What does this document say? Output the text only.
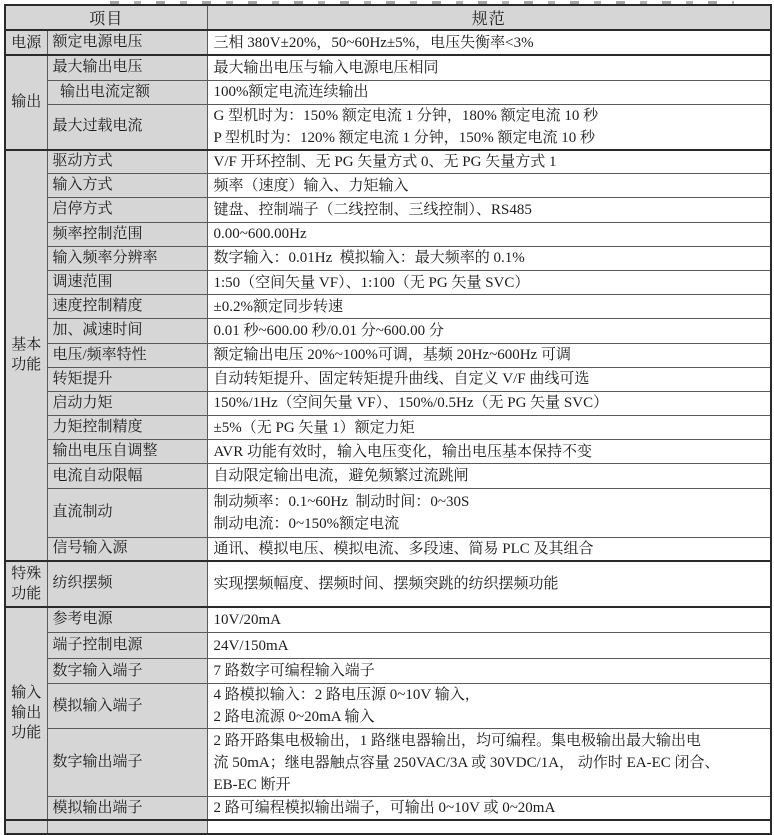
项目		规范
电源	额定电源电压	三相 380V±20%，50~60Hz±5%，电压失衡率<3%

输出	最大输出电压	最大输出电压与输入电源电压相同

	输出电流定额	100%额定电流连续输出

	最大过载电流	G 型机时为：150% 额定电流 1 分钟，180% 额定电流 10 秒
P 型机时为：120% 额定电流 1 分钟，150% 额定电流 10 秒

基本功能	驱动方式	V/F 开环控制、无 PG 矢量方式 0、无 PG 矢量方式 1

	输入方式	频率（速度）输入、力矩输入

	启停方式	键盘、控制端子（二线控制、三线控制）、RS485

	频率控制范围	0.00~600.00Hz

	输入频率分辨率	数字输入：0.01Hz  模拟输入：最大频率的 0.1%

	调速范围	1:50（空间矢量 VF）、1:100（无 PG 矢量 SVC）

	速度控制精度	±0.2%额定同步转速

	加、减速时间	0.01 秒~600.00 秒/0.01 分~600.00 分

	电压/频率特性	额定输出电压 20%~100%可调，基频 20Hz~600Hz 可调

	转矩提升	自动转矩提升、固定转矩提升曲线、自定义 V/F 曲线可选

	启动力矩	150%/1Hz（空间矢量 VF）、150%/0.5Hz（无 PG 矢量 SVC）

	力矩控制精度	±5%（无 PG 矢量 1）额定力矩

	输出电压自调整	AVR 功能有效时，输入电压变化，输出电压基本保持不变

	电流自动限幅	自动限定输出电流，避免频繁过流跳闸

	直流制动	制动频率：0.1~60Hz  制动时间：0~30S
制动电流：0~150%额定电流

	信号输入源	通讯、模拟电压、模拟电流、多段速、简易 PLC 及其组合

特殊功能	纺织摆频	实现摆频幅度、摆频时间、摆频突跳的纺织摆频功能

输入输出功能	参考电源	10V/20mA

	端子控制电源	24V/150mA

	数字输入端子	7 路数字可编程输入端子

	模拟输入端子	4 路模拟输入：2 路电压源 0~10V 输入，
2 路电流源 0~20mA 输入

	数字输出端子	2 路开路集电极输出，1 路继电器输出，均可编程。集电极输出最大输出电
流 50mA；继电器触点容量 250VAC/3A 或 30VDC/1A， 动作时 EA-EC 闭合、
EB-EC 断开

	模拟输出端子	2 路可编程模拟输出端子，可输出 0~10V 或 0~20mA
